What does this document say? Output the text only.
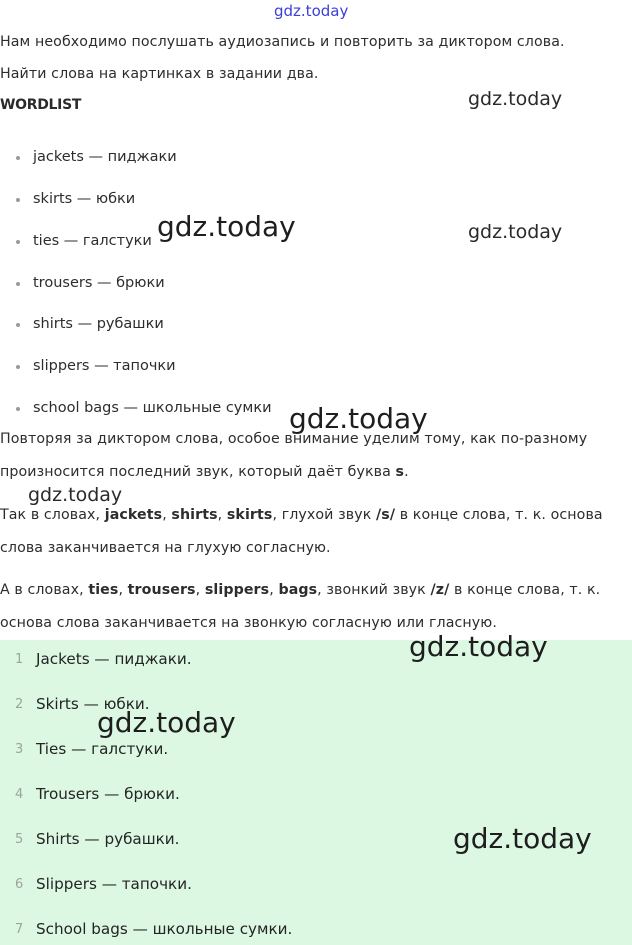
gdz.today
Нам необходимо послушать аудиозапись и повторить за диктором слова.
Найти слова на картинках в задании два.
WORDLIST
jackets — пиджаки
skirts — юбки
ties — галстуки
trousers — брюки
shirts — рубашки
slippers — тапочки
school bags — школьные сумки
Повторяя за диктором слова, особое внимание уделим тому, как по-разному
произносится последний звук, который даёт буква s.
Так в словах, jackets, shirts, skirts, глухой звук /s/ в конце слова, т. к. основа
слова заканчивается на глухую согласную.
А в словах, ties, trousers, slippers, bags, звонкий звук /z/ в конце слова, т. к.
основа слова заканчивается на звонкую согласную или гласную.
1 Jackets — пиджаки.
2 Skirts — юбки.
3 Ties — галстуки.
4 Trousers — брюки.
5 Shirts — рубашки.
6 Slippers — тапочки.
7 School bags — школьные сумки.
gdz.today
gdz.today	gdz.today
gdz.today
gdz.today
gdz.today
gdz.today
gdz.today
